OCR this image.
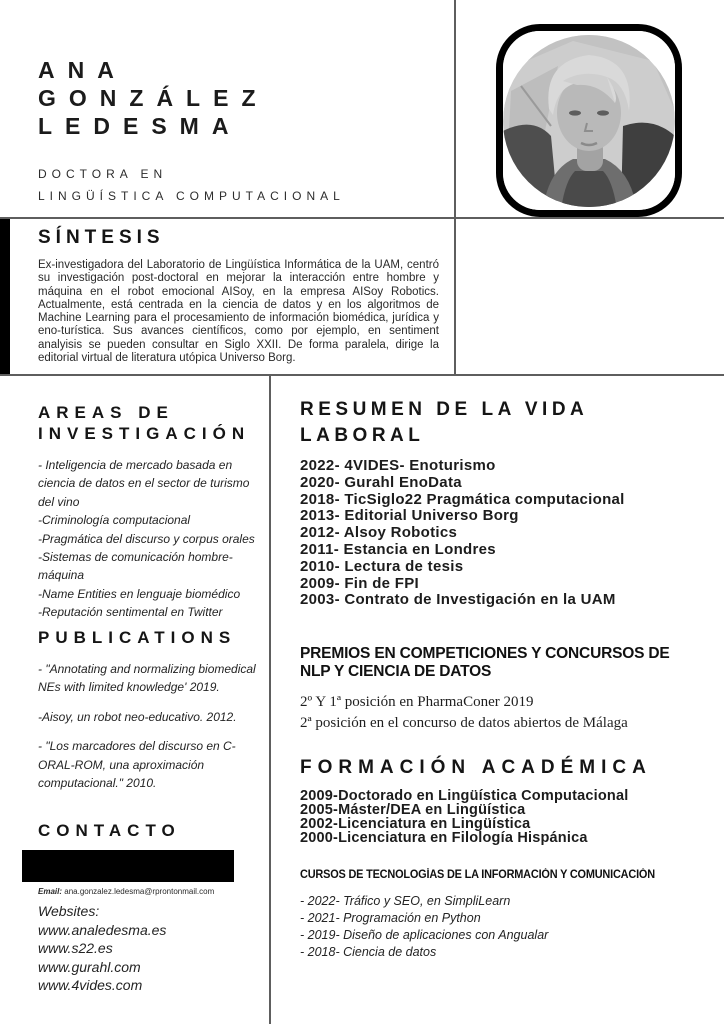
ANA
GONZÁLEZ
LEDESMA
DOCTORA EN
LINGÜÍSTICA COMPUTACIONAL
SÍNTESIS

Ex-investigadora del Laboratorio de Lingüística Informática de la UAM, centró su investigación post-doctoral en mejorar la interacción entre hombre y máquina en el robot emocional AISoy, en la empresa AISoy Robotics. Actualmente, está centrada en la ciencia de datos y en los algoritmos de Machine Learning para el procesamiento de información biomédica, jurídica y eno-turística. Sus avances científicos, como por ejemplo, en sentiment analyisis se pueden consultar en Siglo XXII. De forma paralela, dirige la editorial virtual de literatura utópica Universo Borg.

AREAS DE
INVESTIGACIÓN
- Inteligencia de mercado basada en ciencia de datos en el sector de turismo del vino
-Criminología computacional
-Pragmática del discurso y corpus orales
-Sistemas de comunicación hombre-máquina
-Name Entities en lenguaje biomédico
-Reputación sentimental en Twitter
PUBLICATIONS
- "Annotating and normalizing biomedical NEs with limited knowledge' 2019.
-Aisoy, un robot neo-educativo. 2012.
- "Los marcadores del discurso en C-ORAL-ROM, una aproximación computacional." 2010.
CONTACTO
Email: ana.gonzalez.ledesma@rprontonmail.com
Websites:
www.analedesma.es
www.s22.es
www.gurahl.com
www.4vides.com
RESUMEN DE LA VIDA
LABORAL
2022- 4VIDES- Enoturismo
2020- Gurahl EnoData
2018- TicSiglo22 Pragmática computacional
2013- Editorial Universo Borg
2012- Alsoy Robotics
2011- Estancia en Londres
2010- Lectura de tesis
2009- Fin de FPI
2003- Contrato de Investigación en la UAM
PREMIOS EN COMPETICIONES Y CONCURSOS DE
NLP Y CIENCIA DE DATOS
2º Y 1ª posición en PharmaConer 2019
2ª posición en el concurso de datos abiertos de Málaga
FORMACIÓN ACADÉMICA
2009-Doctorado en Lingüística Computacional
2005-Máster/DEA en Lingüística
2002-Licenciatura en Lingüística
2000-Licenciatura en Filología Hispánica
CURSOS DE TECNOLOGÍAS DE LA INFORMACIÓN Y COMUNICACIÓN
- 2022- Tráfico y SEO, en SimpliLearn
- 2021- Programación en Python
- 2019- Diseño de aplicaciones con Angualar
- 2018- Ciencia de datos
